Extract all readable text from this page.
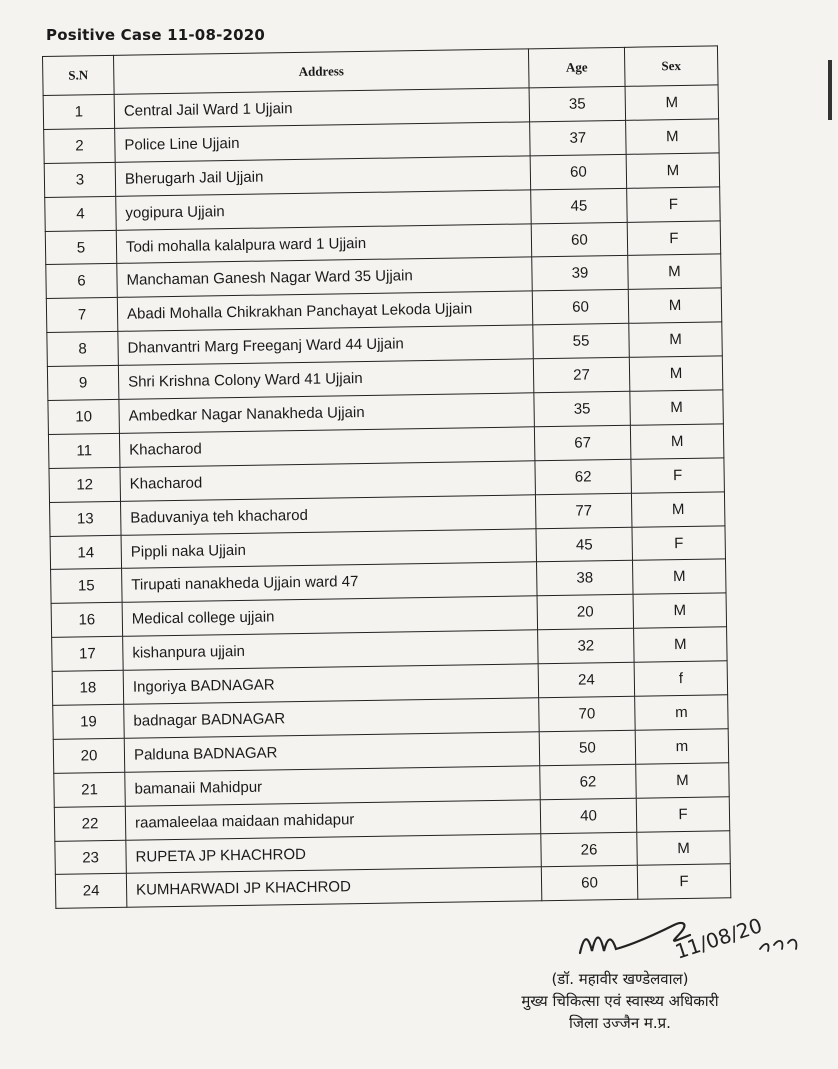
Positive Case 11-08-2020
S.N	Address	Age	Sex
1	Central Jail Ward 1 Ujjain	35	M
2	Police Line Ujjain	37	M
3	Bherugarh Jail Ujjain	60	M
4	yogipura Ujjain	45	F
5	Todi mohalla kalalpura ward 1 Ujjain	60	F
6	Manchaman Ganesh Nagar Ward 35 Ujjain	39	M
7	Abadi Mohalla Chikrakhan Panchayat Lekoda Ujjain	60	M
8	Dhanvantri Marg Freeganj Ward 44 Ujjain	55	M
9	Shri Krishna Colony Ward 41 Ujjain	27	M
10	Ambedkar Nagar Nanakheda Ujjain	35	M
11	Khacharod	67	M
12	Khacharod	62	F
13	Baduvaniya teh khacharod	77	M
14	Pippli naka Ujjain	45	F
15	Tirupati nanakheda Ujjain ward 47	38	M
16	Medical college ujjain	20	M
17	kishanpura ujjain	32	M
18	Ingoriya BADNAGAR	24	f
19	badnagar BADNAGAR	70	m
20	Palduna BADNAGAR	50	m
21	bamanaii Mahidpur	62	M
22	raamaleelaa maidaan mahidapur	40	F
23	RUPETA JP KHACHROD	26	M
24	KUMHARWADI JP KHACHROD	60	F
11/08/20
(डॉ. महावीर खण्डेलवाल)
मुख्य चिकित्सा एवं स्वास्थ्य अधिकारी
जिला उज्जैन म.प्र.
